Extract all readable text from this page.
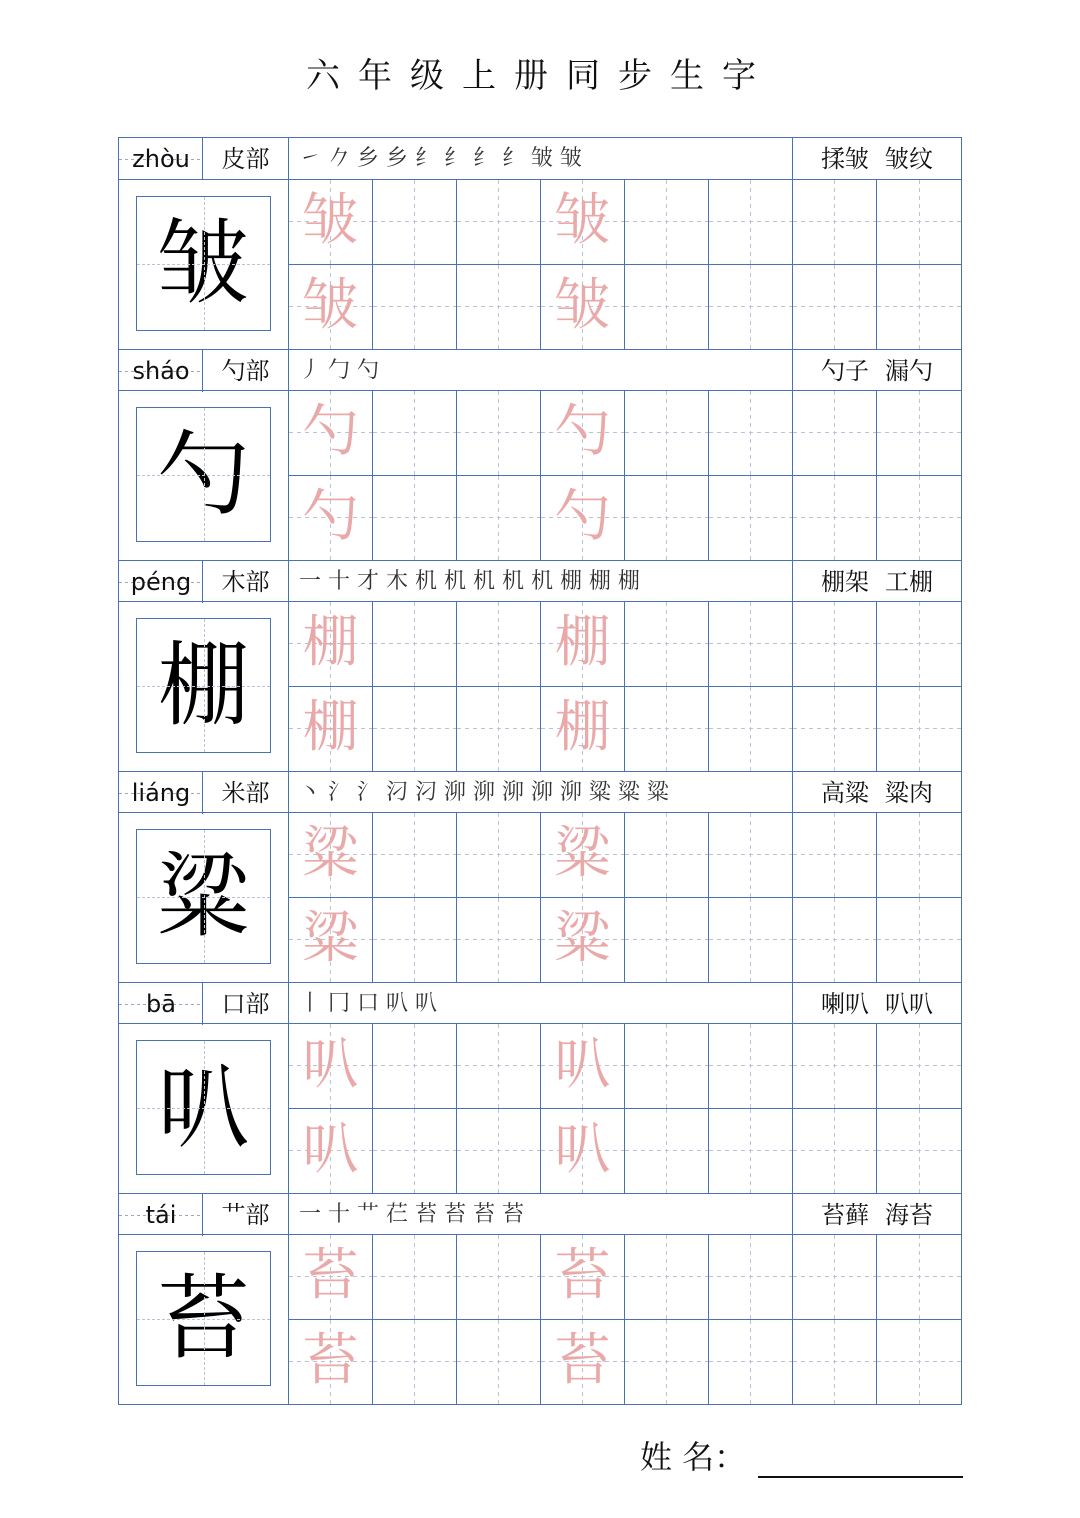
六年级上册同步生字
zhòu	皮部	㇀ 𠂊 乡 乡 纟 纟 纟 纟 皱 皱	揉皱 皱纹
皱 皱	皱
皱	皱
sháo	勺部	丿 勹 勺	勺子 漏勺
勺 勺	勺
勺	勺
péng	木部	一 十 才 木 机 机 机 机 机 棚 棚 棚	棚架 工棚
棚 棚	棚
棚	棚
liáng	米部	丶 氵 氵 汈 汈 泖 泖 泖 泖 泖 粱 粱 粱	高粱 粱肉
粱 粱	粱
粱	粱
bā	口部	丨 冂 口 叭 叭	喇叭 叭叭
叭 叭	叭
叭	叭
tái	艹部	一 十 艹 芢 苔 苔 苔 苔	苔藓 海苔
苔 苔	苔
苔	苔
姓 名：
